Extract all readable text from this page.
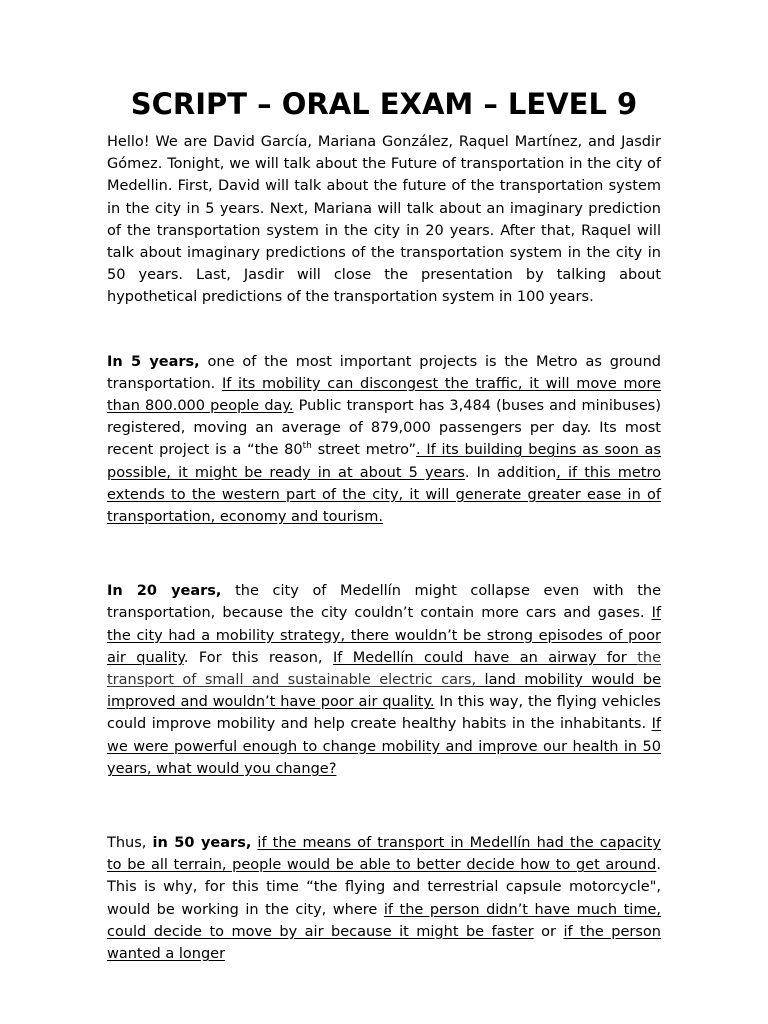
SCRIPT – ORAL EXAM – LEVEL 9

Hello! We are David García, Mariana González, Raquel Martínez, and Jasdir Gómez. Tonight, we will talk about the Future of transportation in the city of Medellin. First, David will talk about the future of the transportation system in the city in 5 years. Next, Mariana will talk about an imaginary prediction of the transportation system in the city in 20 years. After that, Raquel will talk about imaginary predictions of the transportation system in the city in 50 years. Last, Jasdir will close the presentation by talking about hypothetical predictions of the transportation system in 100 years.

In 5 years, one of the most important projects is the Metro as ground transportation. If its mobility can discongest the traffic, it will move more than 800.000 people day. Public transport has 3,484 (buses and minibuses) registered, moving an average of 879,000 passengers per day. Its most recent project is a “the 80th street metro”. If its building begins as soon as possible, it might be ready in at about 5 years. In addition, if this metro extends to the western part of the city, it will generate greater ease in of transportation, economy and tourism.

In 20 years, the city of Medellín might collapse even with the transportation, because the city couldn’t contain more cars and gases. If the city had a mobility strategy, there wouldn’t be strong episodes of poor air quality. For this reason, If Medellín could have an airway for the transport of small and sustainable electric cars, land mobility would be improved and wouldn’t have poor air quality. In this way, the flying vehicles could improve mobility and help create healthy habits in the inhabitants. If we were powerful enough to change mobility and improve our health in 50 years, what would you change?

Thus, in 50 years, if the means of transport in Medellín had the capacity to be all terrain, people would be able to better decide how to get around. This is why, for this time “the flying and terrestrial capsule motorcycle", would be working in the city, where if the person didn’t have much time, could decide to move by air because it might be faster or if the person wanted a longer
